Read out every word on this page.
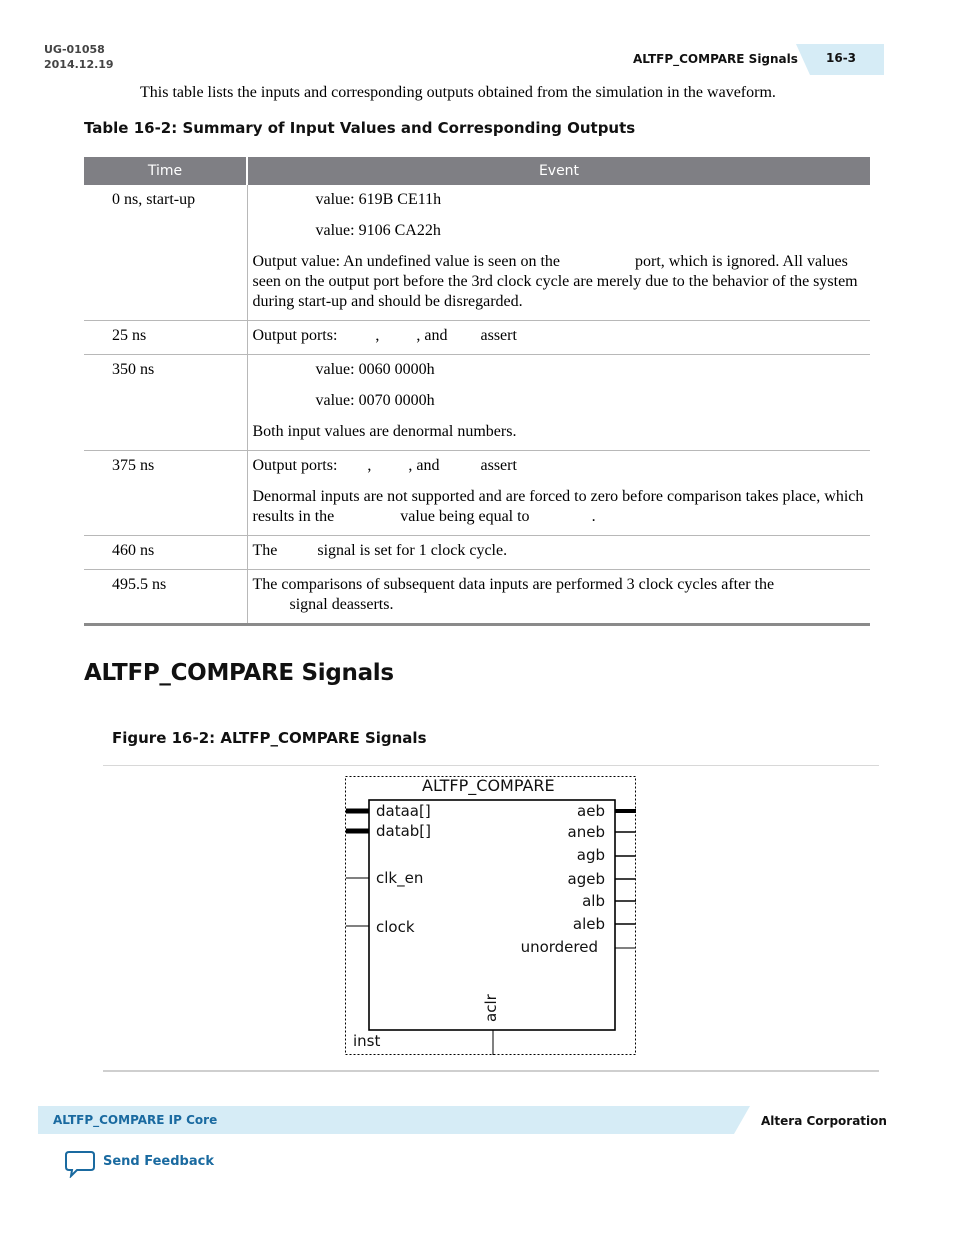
UG-01058
2014.12.19	ALTFP_COMPARE Signals 16-3
This table lists the inputs and corresponding outputs obtained from the simulation in the waveform.
Table 16-2: Summary of Input Values and Corresponding Outputs
Time	Event
0 ns, start-up	value: 619B CE11h
value: 9106 CA22h
Output value: An undefined value is seen on the port, which is ignored. All values seen on the output port before the 3rd clock cycle are merely due to the behavior of the system during start-up and should be disregarded.

25 ns	Output ports: , , and assert
350 ns	value: 0060 0000h
value: 0070 0000h
Both input values are denormal numbers.

375 ns	Output ports: , , and assert
Denormal inputs are not supported and are forced to zero before comparison takes place, which results in the value being equal to .

460 ns	The signal is set for 1 clock cycle.
495.5 ns	The comparisons of subsequent data inputs are performed 3 clock cycles after the
signal deasserts.
ALTFP_COMPARE Signals
Figure 16-2: ALTFP_COMPARE Signals
ALTFP_COMPARE
dataa[]
datab[]
clk_en
clock
aeb
aneb
agb
ageb
alb
aleb
unordered
aclr
inst
ALTFP_COMPARE IP Core	Altera Corporation
Send Feedback
